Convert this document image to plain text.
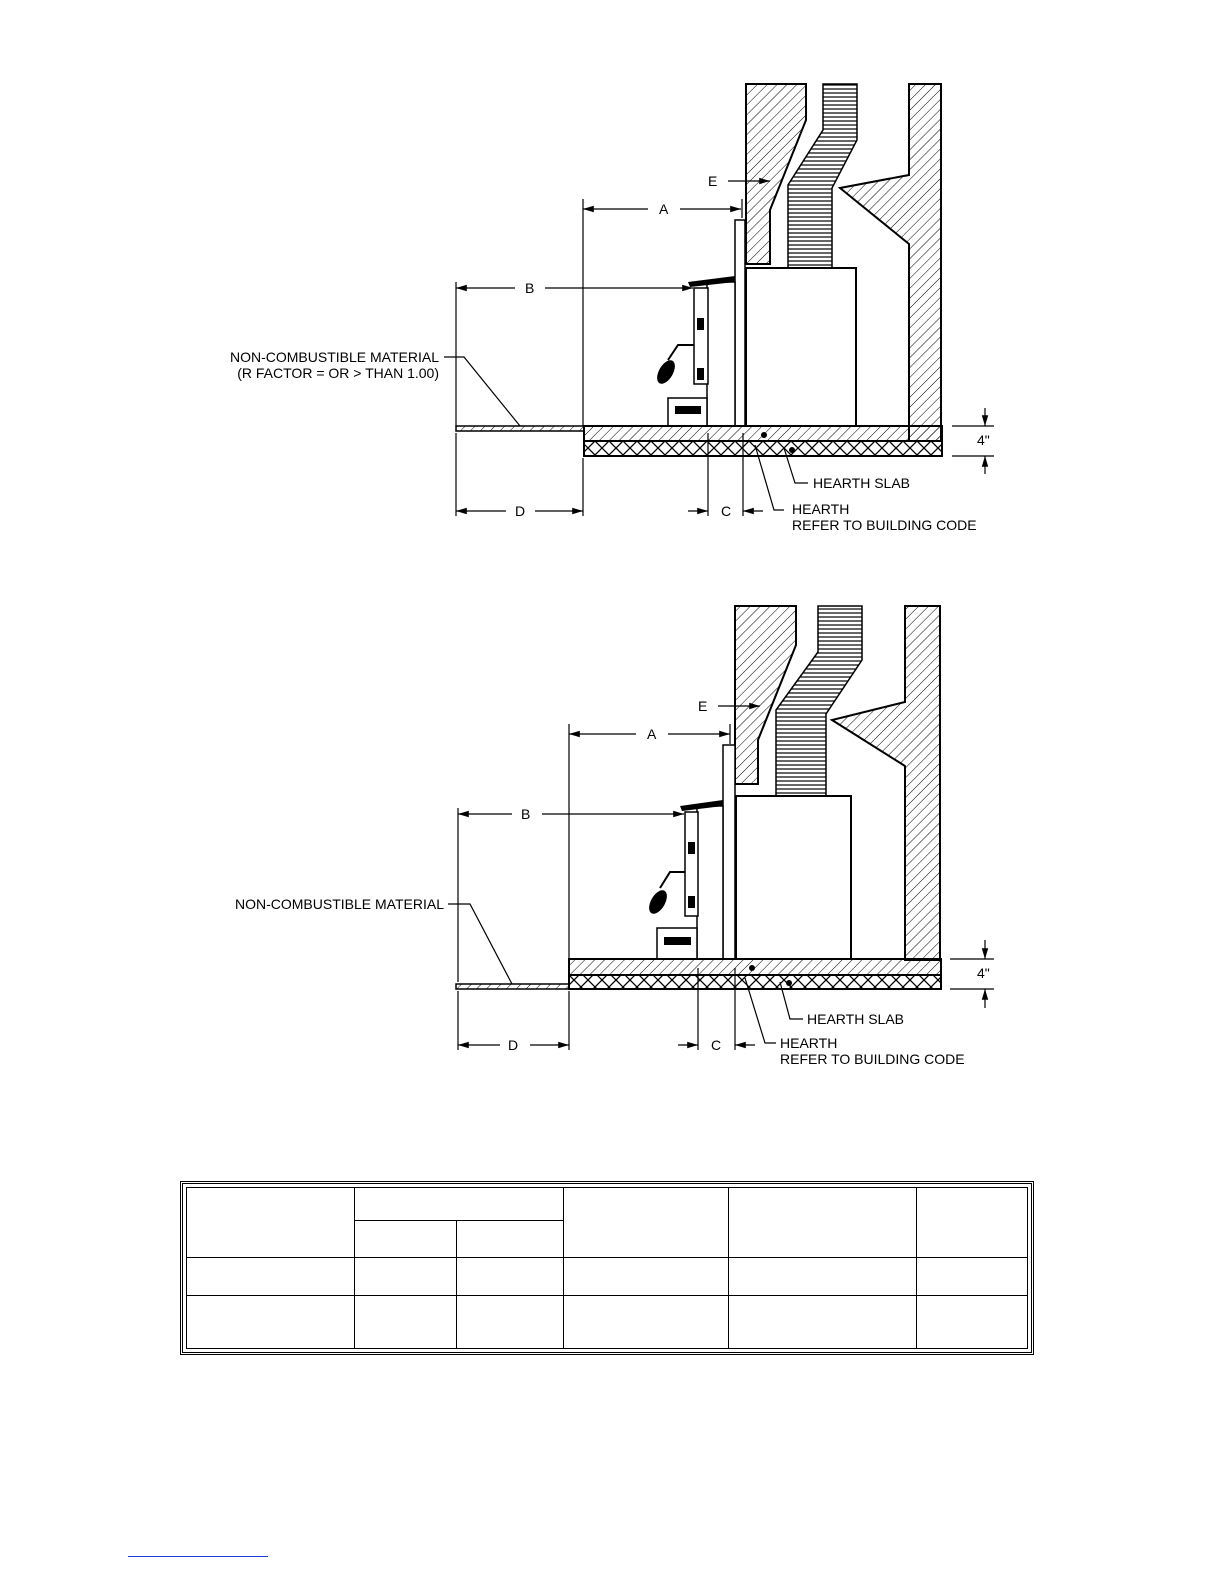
A
B
C
D
E
NON-COMBUSTIBLE MATERIAL
(R FACTOR = OR > THAN 1.00)
4"
HEARTH SLAB
HEARTH
REFER TO BUILDING CODE
A
B
C
D
E
NON-COMBUSTIBLE MATERIAL
4"
HEARTH SLAB
HEARTH
REFER TO BUILDING CODE
